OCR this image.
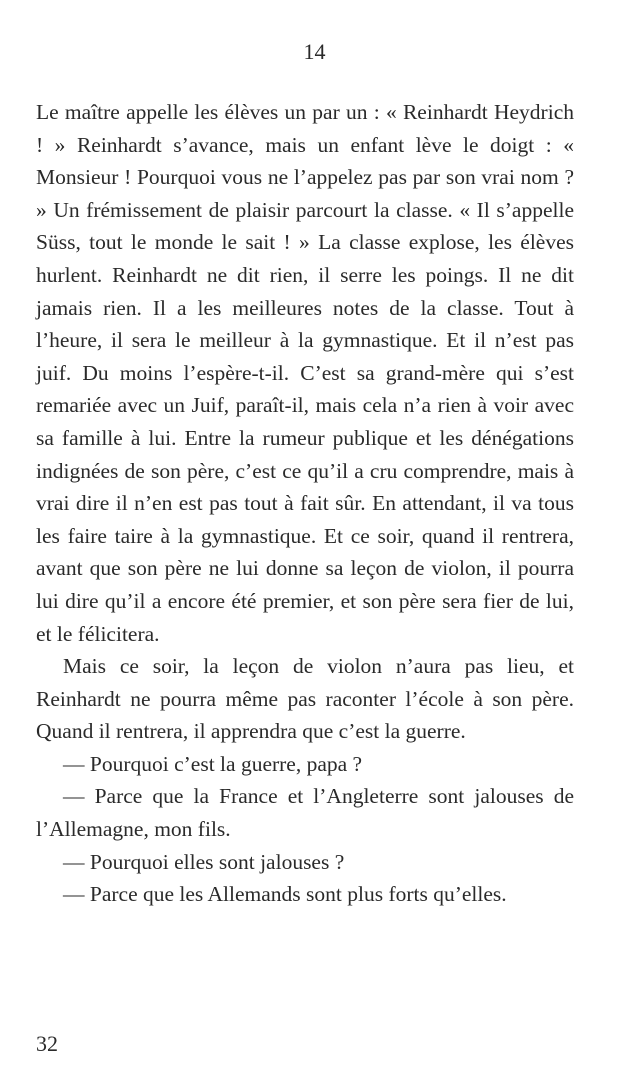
14

Le maître appelle les élèves un par un : « Reinhardt Heydrich ! » Reinhardt s’avance, mais un enfant lève le doigt : « Monsieur ! Pourquoi vous ne l’appelez pas par son vrai nom ? » Un frémissement de plaisir parcourt la classe. « Il s’appelle Süss, tout le monde le sait ! » La classe explose, les élèves hurlent. Reinhardt ne dit rien, il serre les poings. Il ne dit jamais rien. Il a les meilleures notes de la classe. Tout à l’heure, il sera le meilleur à la gymnastique. Et il n’est pas juif. Du moins l’espère-t-il. C’est sa grand-mère qui s’est remariée avec un Juif, paraît-il, mais cela n’a rien à voir avec sa famille à lui. Entre la rumeur publique et les dénégations indignées de son père, c’est ce qu’il a cru comprendre, mais à vrai dire il n’en est pas tout à fait sûr. En attendant, il va tous les faire taire à la gymnastique. Et ce soir, quand il rentrera, avant que son père ne lui donne sa leçon de violon, il pourra lui dire qu’il a encore été premier, et son père sera fier de lui, et le félicitera.

Mais ce soir, la leçon de violon n’aura pas lieu, et Reinhardt ne pourra même pas raconter l’école à son père. Quand il rentrera, il apprendra que c’est la guerre.

— Pourquoi c’est la guerre, papa ?

— Parce que la France et l’Angleterre sont jalouses de l’Allemagne, mon fils.

— Pourquoi elles sont jalouses ?

— Parce que les Allemands sont plus forts qu’elles.

32
